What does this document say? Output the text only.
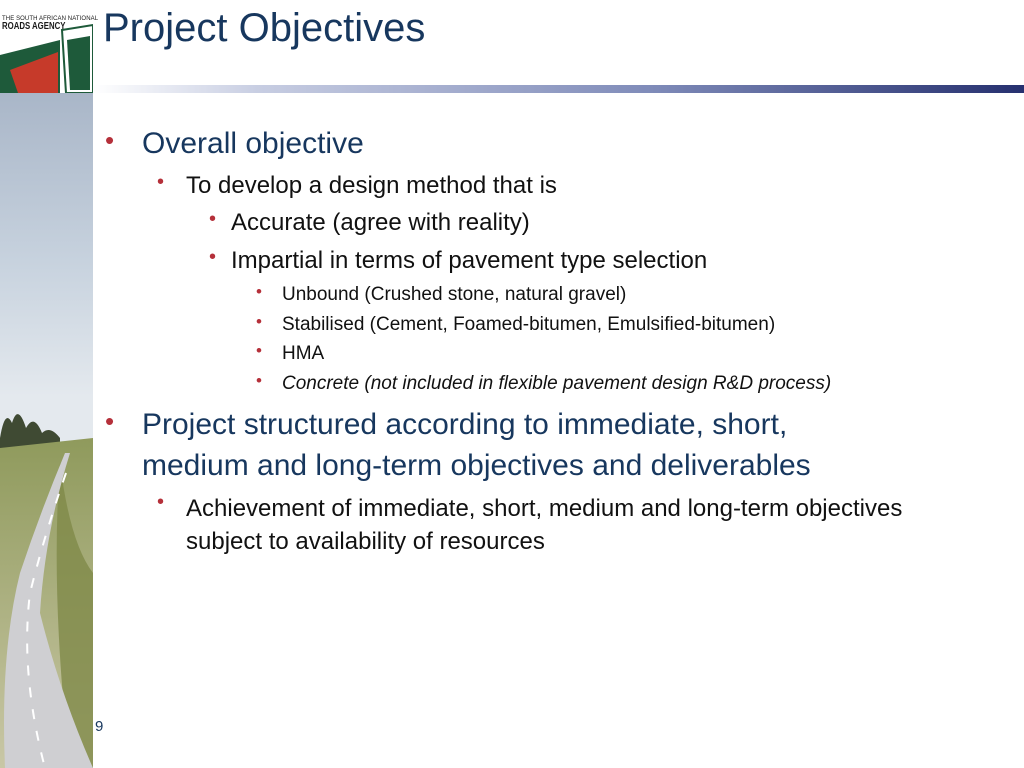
THE SOUTH AFRICAN NATIONAL
ROADS AGENCY Project Objectives
• Overall objective
• To develop a design method that is
• Accurate (agree with reality)
• Impartial in terms of pavement type selection
• Unbound (Crushed stone, natural gravel)
• Stabilised (Cement, Foamed-bitumen, Emulsified-bitumen)
• HMA
• Concrete (not included in flexible pavement design R&D process)
• Project structured according to immediate, short,
medium and long-term objectives and deliverables
• Achievement of immediate, short, medium and long-term objectives subject to availability of resources
9
